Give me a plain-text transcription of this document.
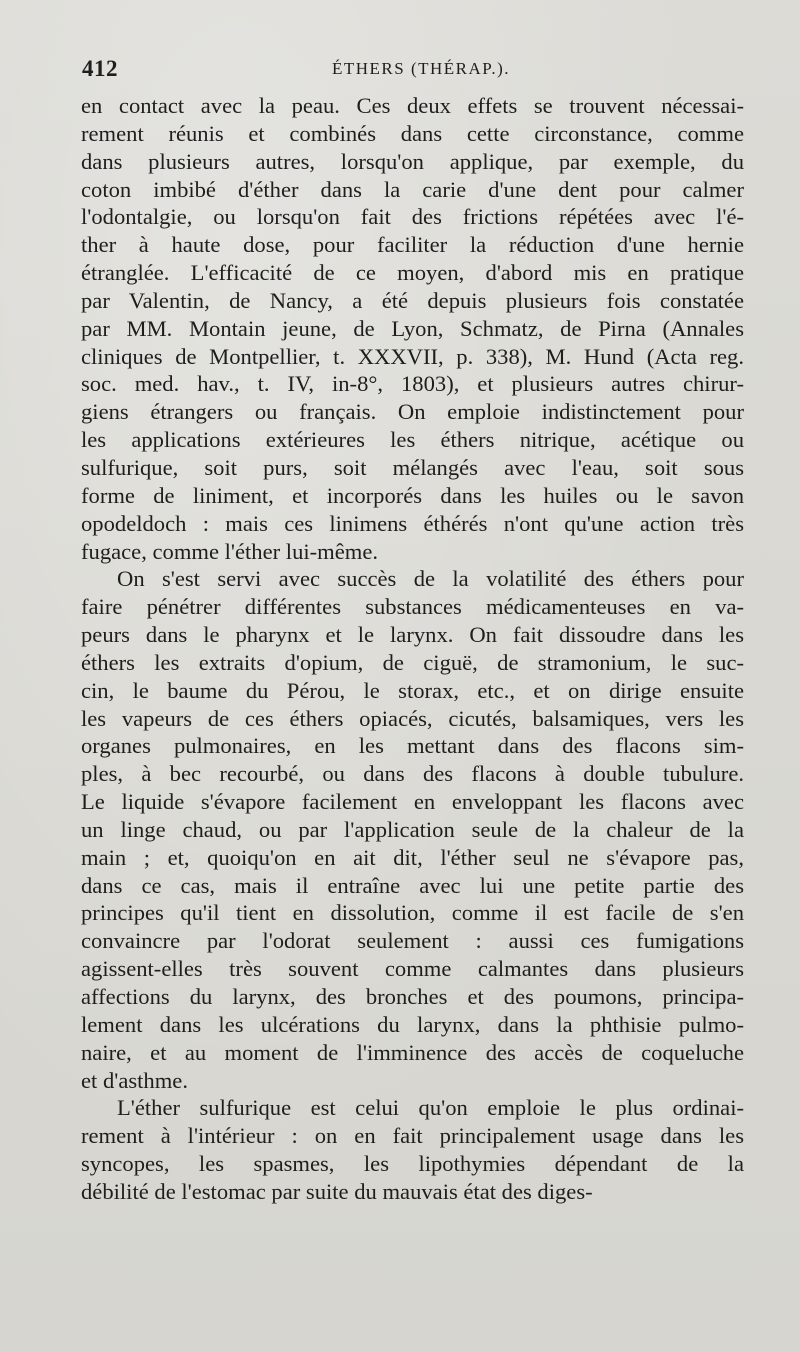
412	ÉTHERS (THÉRAP.).

en contact avec la peau. Ces deux effets se trouvent nécessai-
rement réunis et combinés dans cette circonstance, comme
dans plusieurs autres, lorsqu'on applique, par exemple, du
coton imbibé d'éther dans la carie d'une dent pour calmer
l'odontalgie, ou lorsqu'on fait des frictions répétées avec l'é-
ther à haute dose, pour faciliter la réduction d'une hernie
étranglée. L'efficacité de ce moyen, d'abord mis en pratique
par Valentin, de Nancy, a été depuis plusieurs fois constatée
par MM. Montain jeune, de Lyon, Schmatz, de Pirna (Annales
cliniques de Montpellier, t. XXXVII, p. 338), M. Hund (Acta reg.
soc. med. hav., t. IV, in-8°, 1803), et plusieurs autres chirur-
giens étrangers ou français. On emploie indistinctement pour
les applications extérieures les éthers nitrique, acétique ou
sulfurique, soit purs, soit mélangés avec l'eau, soit sous
forme de liniment, et incorporés dans les huiles ou le savon
opodeldoch : mais ces linimens éthérés n'ont qu'une action très
fugace, comme l'éther lui-même.

On s'est servi avec succès de la volatilité des éthers pour
faire pénétrer différentes substances médicamenteuses en va-
peurs dans le pharynx et le larynx. On fait dissoudre dans les
éthers les extraits d'opium, de ciguë, de stramonium, le suc-
cin, le baume du Pérou, le storax, etc., et on dirige ensuite
les vapeurs de ces éthers opiacés, cicutés, balsamiques, vers les
organes pulmonaires, en les mettant dans des flacons sim-
ples, à bec recourbé, ou dans des flacons à double tubulure.
Le liquide s'évapore facilement en enveloppant les flacons avec
un linge chaud, ou par l'application seule de la chaleur de la
main ; et, quoiqu'on en ait dit, l'éther seul ne s'évapore pas,
dans ce cas, mais il entraîne avec lui une petite partie des
principes qu'il tient en dissolution, comme il est facile de s'en
convaincre par l'odorat seulement : aussi ces fumigations
agissent-elles très souvent comme calmantes dans plusieurs
affections du larynx, des bronches et des poumons, principa-
lement dans les ulcérations du larynx, dans la phthisie pulmo-
naire, et au moment de l'imminence des accès de coqueluche
et d'asthme.

L'éther sulfurique est celui qu'on emploie le plus ordinai-
rement à l'intérieur : on en fait principalement usage dans les
syncopes, les spasmes, les lipothymies dépendant de la
débilité de l'estomac par suite du mauvais état des diges-
